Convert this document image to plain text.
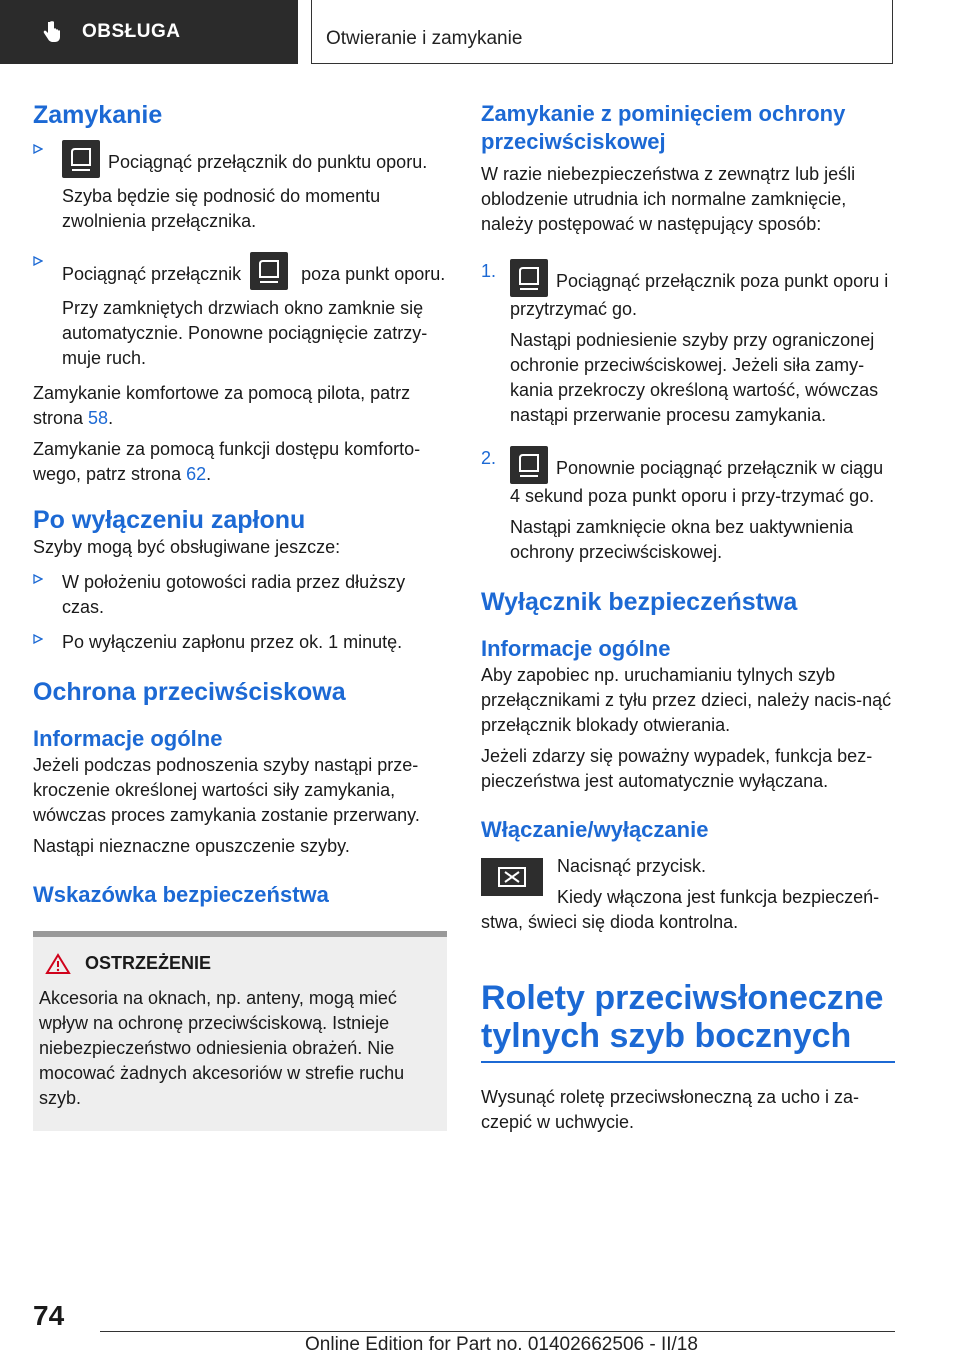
OBSŁUGA	Otwieranie i zamykanie
Zamykanie
Pociągnąć przełącznik do punktu oporu.

Szyba będzie się podnosić do momentu zwolnienia przełącznika.

Pociągnąć przełącznik	poza punkt oporu.

Przy zamkniętych drzwiach okno zamknie się automatycznie. Ponowne pociągnięcie zatrzy-muje ruch.

Zamykanie komfortowe za pomocą pilota, patrz strona 58.

Zamykanie za pomocą funkcji dostępu komforto-wego, patrz strona 62.

Po wyłączeniu zapłonu

Szyby mogą być obsługiwane jeszcze:

W położeniu gotowości radia przez dłuższy czas.
Po wyłączeniu zapłonu przez ok. 1 minutę.
Ochrona przeciwściskowa
Informacje ogólne

Jeżeli podczas podnoszenia szyby nastąpi prze-kroczenie określonej wartości siły zamykania, wówczas proces zamykania zostanie przerwany.

Nastąpi nieznaczne opuszczenie szyby.

Wskazówka bezpieczeństwa
OSTRZEŻENIE

Akcesoria na oknach, np. anteny, mogą mieć wpływ na ochronę przeciwściskową. Istnieje niebezpieczeństwo odniesienia obrażeń. Nie mocować żadnych akcesoriów w strefie ruchu szyb.

Zamykanie z pominięciem ochrony przeciwściskowej

W razie niebezpieczeństwa z zewnątrz lub jeśli oblodzenie utrudnia ich normalne zamknięcie, należy postępować w następujący sposób:

1.	Pociągnąć przełącznik poza punkt oporu i przytrzymać go.

Nastąpi podniesienie szyby przy ograniczonej ochronie przeciwściskowej. Jeżeli siła zamy-kania przekroczy określoną wartość, wówczas nastąpi przerwanie procesu zamykania.

2.	Ponownie pociągnąć przełącznik w ciągu 4 sekund poza punkt oporu i przy-trzymać go.

Nastąpi zamknięcie okna bez uaktywnienia ochrony przeciwściskowej.

Wyłącznik bezpieczeństwa
Informacje ogólne

Aby zapobiec np. uruchamianiu tylnych szyb przełącznikami z tyłu przez dzieci, należy nacis-nąć przełącznik blokady otwierania.

Jeżeli zdarzy się poważny wypadek, funkcja bez-pieczeństwa jest automatycznie wyłączana.

Włączanie/wyłączanie

Nacisnąć przycisk.

Kiedy włączona jest funkcja bezpieczeń-stwa, świeci się dioda kontrolna.

Rolety przeciwsłoneczne tylnych szyb bocznych

Wysunąć roletę przeciwsłoneczną za ucho i za-czepić w uchwycie.

74
Online Edition for Part no. 01402662506 - II/18
